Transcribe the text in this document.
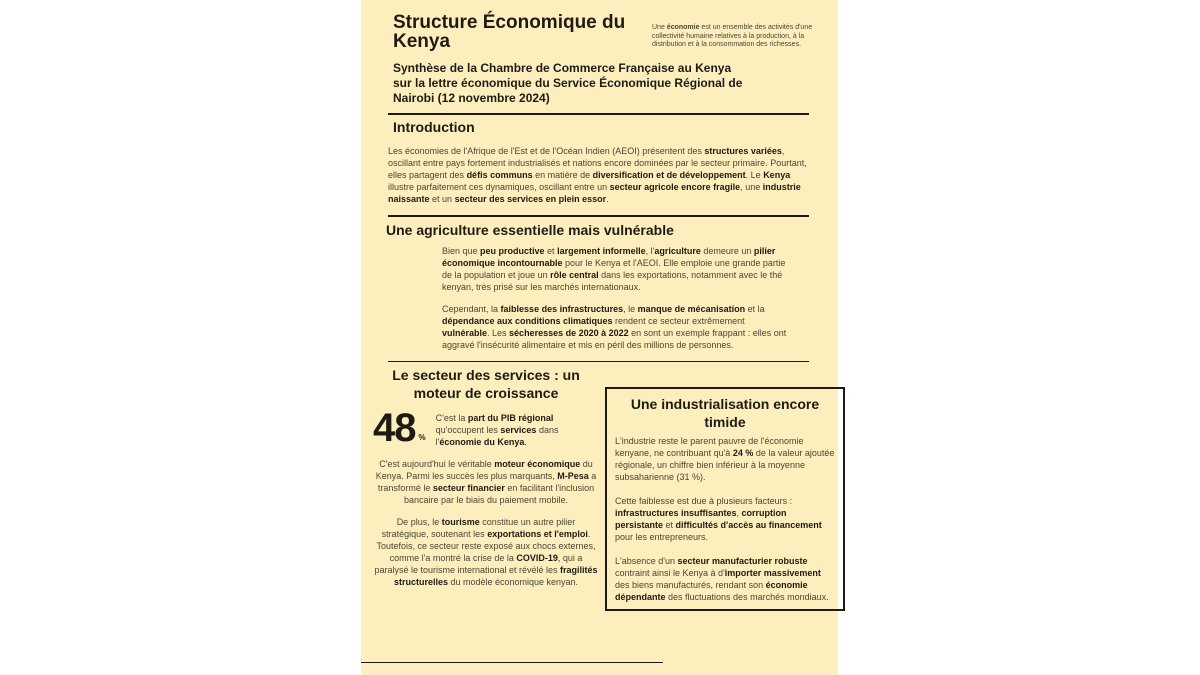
Structure Économique du Kenya
Une économie est un ensemble des activités d'une collectivité humaine relatives à la production, à la distribution et à la consommation des richesses.
Synthèse de la Chambre de Commerce Française au Kenya sur la lettre économique du Service Économique Régional de Nairobi (12 novembre 2024)
Introduction
Les économies de l'Afrique de l'Est et de l'Océan Indien (AEOI) présentent des structures variées, oscillant entre pays fortement industrialisés et nations encore dominées par le secteur primaire. Pourtant, elles partagent des défis communs en matière de diversification et de développement. Le Kenya illustre parfaitement ces dynamiques, oscillant entre un secteur agricole encore fragile, une industrie naissante et un secteur des services en plein essor.
Une agriculture essentielle mais vulnérable
Bien que peu productive et largement informelle, l'agriculture demeure un pilier économique incontournable pour le Kenya et l'AEOI. Elle emploie une grande partie de la population et joue un rôle central dans les exportations, notamment avec le thé kenyan, très prisé sur les marchés internationaux.
Cependant, la faiblesse des infrastructures, le manque de mécanisation et la dépendance aux conditions climatiques rendent ce secteur extrêmement vulnérable. Les sécheresses de 2020 à 2022 en sont un exemple frappant : elles ont aggravé l'insécurité alimentaire et mis en péril des millions de personnes.
Le secteur des services : un moteur de croissance
48 %
C'est la part du PIB régional qu'occupent les services dans l'économie du Kenya.
C'est aujourd'hui le véritable moteur économique du Kenya. Parmi les succès les plus marquants, M-Pesa a transformé le secteur financier en facilitant l'inclusion bancaire par le biais du paiement mobile.
De plus, le tourisme constitue un autre pilier stratégique, soutenant les exportations et l'emploi. Toutefois, ce secteur reste exposé aux chocs externes, comme l'a montré la crise de la COVID-19, qui a paralysé le tourisme international et révélé les fragilités structurelles du modèle économique kenyan.
Une industrialisation encore timide
L'industrie reste le parent pauvre de l'économie kenyane, ne contribuant qu'à 24 % de la valeur ajoutée régionale, un chiffre bien inférieur à la moyenne subsaharienne (31 %).
Cette faiblesse est due à plusieurs facteurs : infrastructures insuffisantes, corruption persistante et difficultés d'accès au financement pour les entrepreneurs.
L'absence d'un secteur manufacturier robuste contraint ainsi le Kenya à d'importer massivement des biens manufacturés, rendant son économie dépendante des fluctuations des marchés mondiaux.
